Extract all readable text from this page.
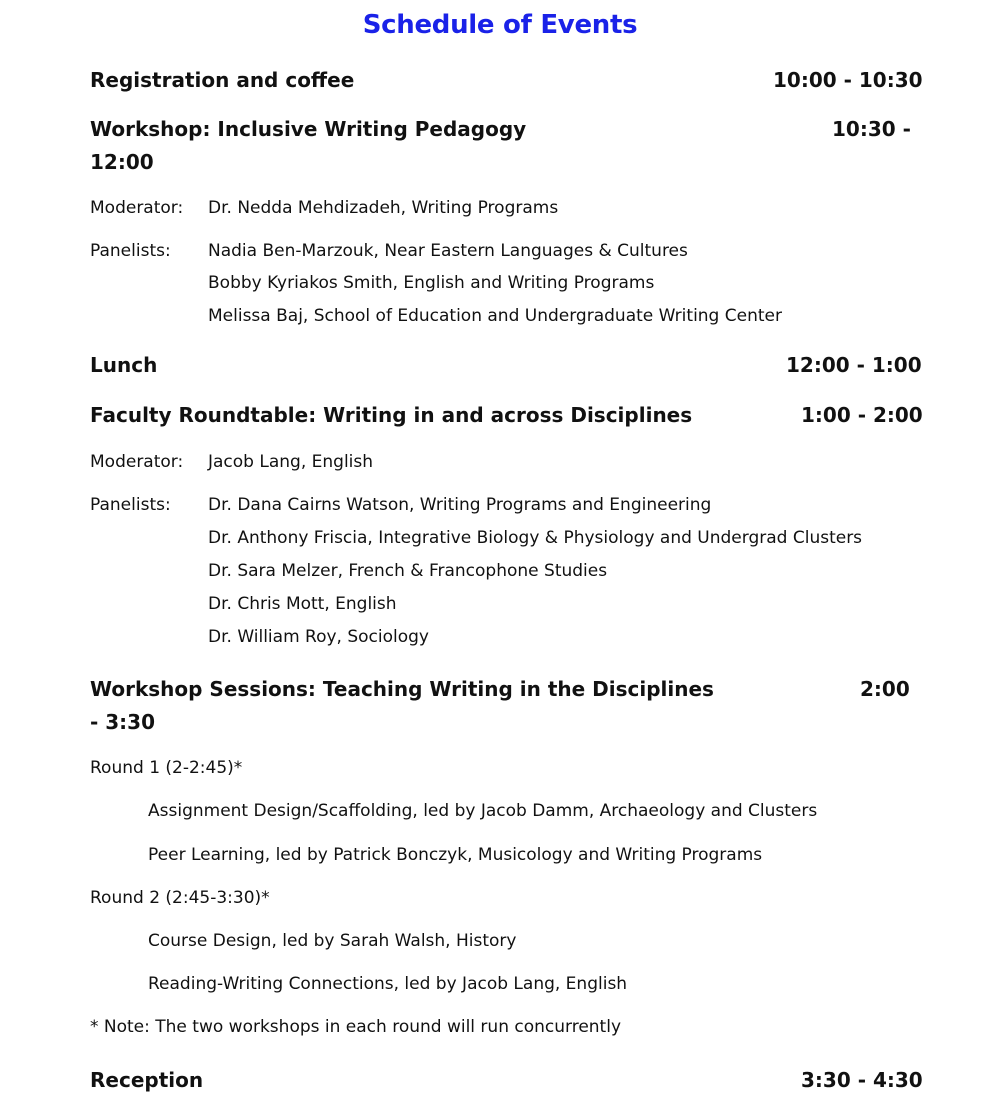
Schedule of Events
Registration and coffee	10:00 - 10:30
Workshop: Inclusive Writing Pedagogy	10:30 -
12:00
Moderator: Dr. Nedda Mehdizadeh, Writing Programs
Panelists: Nadia Ben-Marzouk, Near Eastern Languages & Cultures
Bobby Kyriakos Smith, English and Writing Programs
Melissa Baj, School of Education and Undergraduate Writing Center
Lunch	12:00 - 1:00
Faculty Roundtable: Writing in and across Disciplines	1:00 - 2:00
Moderator: Jacob Lang, English
Panelists: Dr. Dana Cairns Watson, Writing Programs and Engineering
Dr. Anthony Friscia, Integrative Biology & Physiology and Undergrad Clusters
Dr. Sara Melzer, French & Francophone Studies
Dr. Chris Mott, English
Dr. William Roy, Sociology
Workshop Sessions: Teaching Writing in the Disciplines	2:00
- 3:30
Round 1 (2-2:45)*
Assignment Design/Scaffolding, led by Jacob Damm, Archaeology and Clusters
Peer Learning, led by Patrick Bonczyk, Musicology and Writing Programs
Round 2 (2:45-3:30)*
Course Design, led by Sarah Walsh, History
Reading-Writing Connections, led by Jacob Lang, English
* Note: The two workshops in each round will run concurrently
Reception	3:30 - 4:30
